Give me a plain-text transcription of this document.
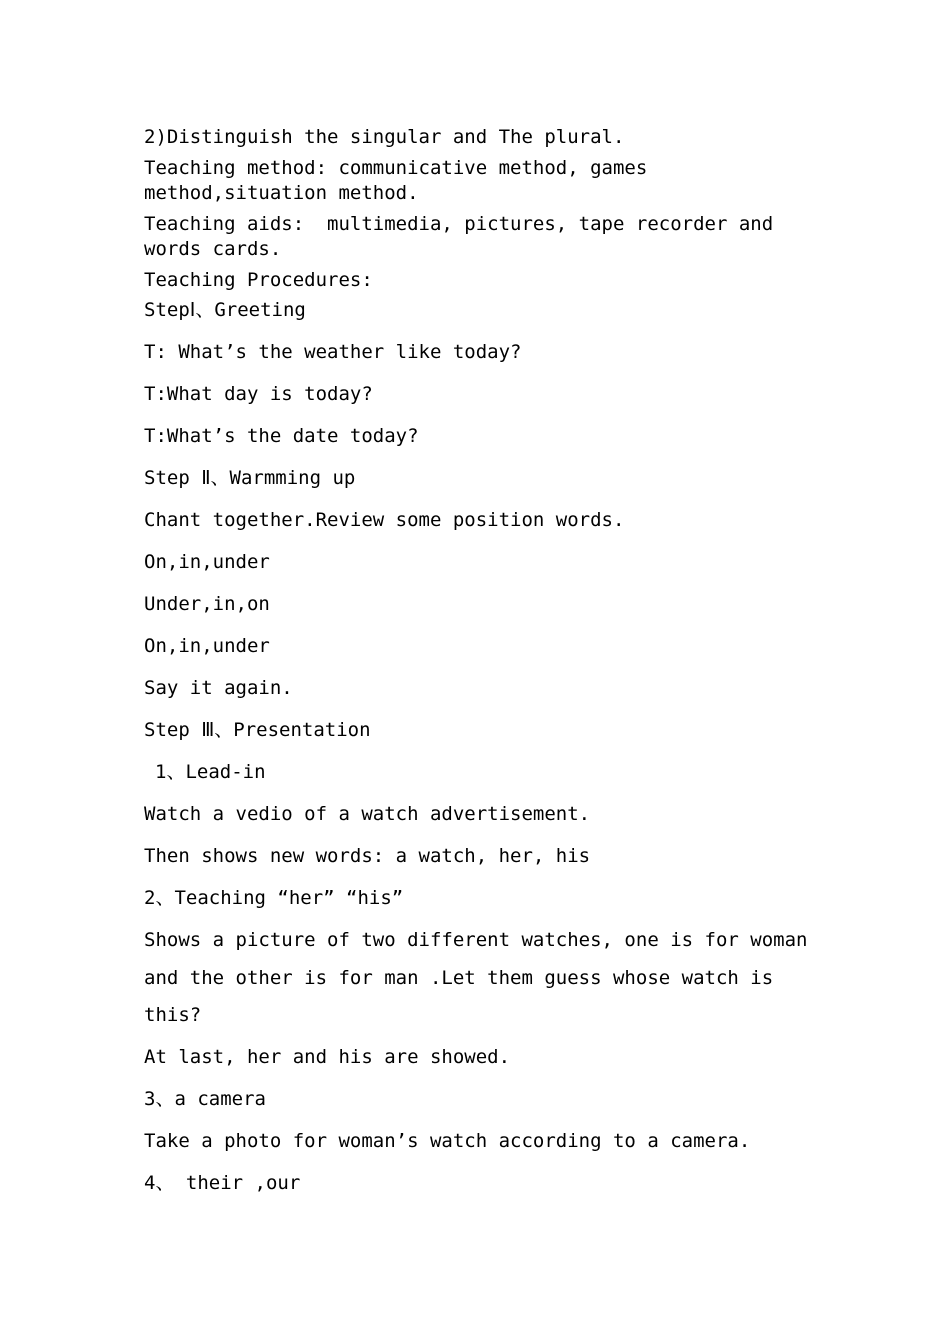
2)Distinguish the singular and The plural.
Teaching method: communicative method, games
method,situation method.
Teaching aids:  multimedia, pictures, tape recorder and
words cards.
Teaching Procedures:
StepⅠ、Greeting
T: What’s the weather like today?
T:What day is today?
T:What’s the date today?
Step Ⅱ、Warmming up
Chant together.Review some position words.
On,in,under
Under,in,on
On,in,under
Say it again.
Step Ⅲ、Presentation
1、Lead-in
Watch a vedio of a watch advertisement.
Then shows new words: a watch, her, his
2、Teaching “her” “his”
Shows a picture of two different watches, one is for woman
and the other is for man .Let them guess whose watch is
this?
At last, her and his are showed.
3、a camera
Take a photo for woman’s watch according to a camera.
4、 their ,our
